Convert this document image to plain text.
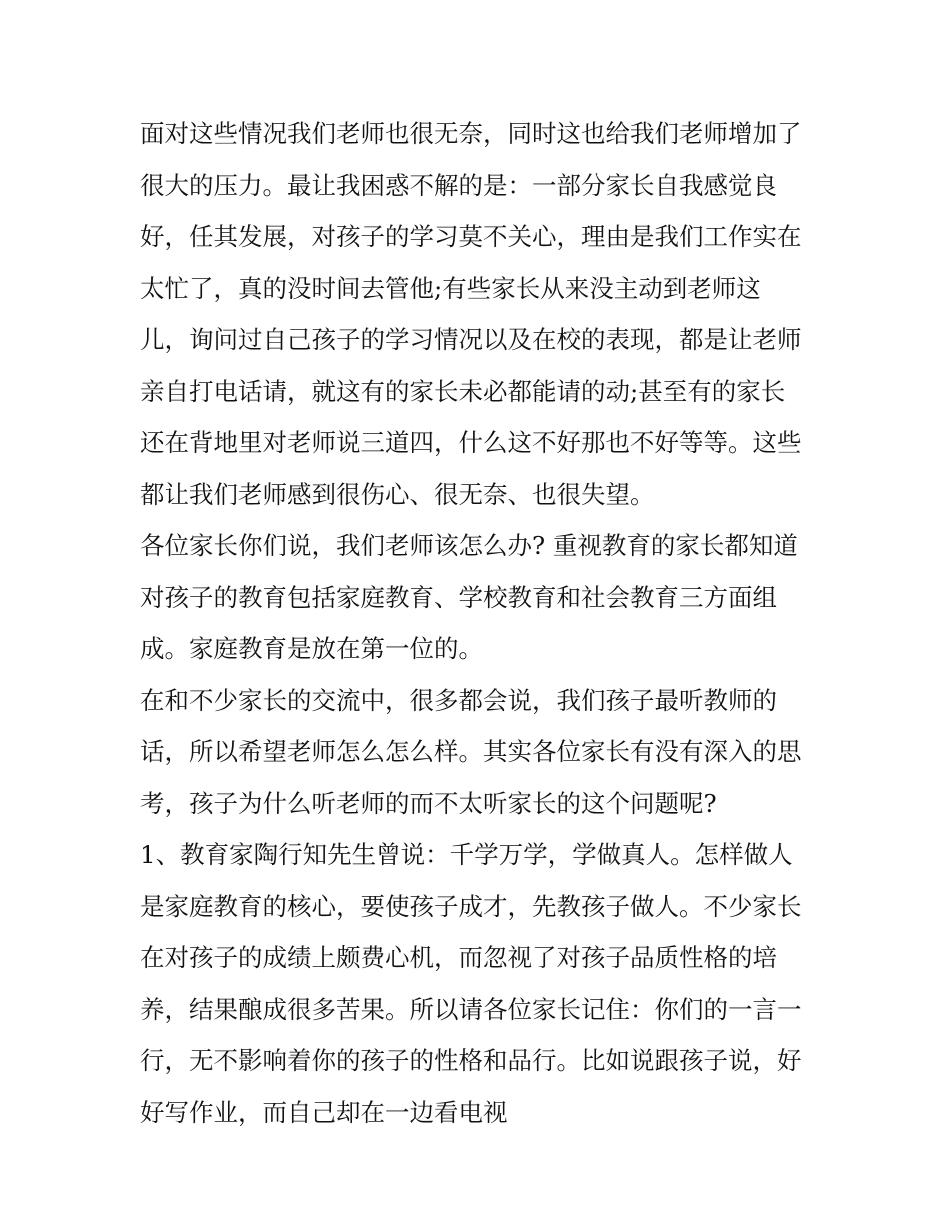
面对这些情况我们老师也很无奈，同时这也给我们老师增加了
很大的压力。最让我困惑不解的是：一部分家长自我感觉良
好，任其发展，对孩子的学习莫不关心，理由是我们工作实在
太忙了，真的没时间去管他;有些家长从来没主动到老师这
儿，询问过自己孩子的学习情况以及在校的表现，都是让老师
亲自打电话请，就这有的家长未必都能请的动;甚至有的家长
还在背地里对老师说三道四，什么这不好那也不好等等。这些
都让我们老师感到很伤心、很无奈、也很失望。
各位家长你们说，我们老师该怎么办? 重视教育的家长都知道
对孩子的教育包括家庭教育、学校教育和社会教育三方面组
成。家庭教育是放在第一位的。
在和不少家长的交流中，很多都会说，我们孩子最听教师的
话，所以希望老师怎么怎么样。其实各位家长有没有深入的思
考，孩子为什么听老师的而不太听家长的这个问题呢?
1、教育家陶行知先生曾说：千学万学，学做真人。怎样做人
是家庭教育的核心，要使孩子成才，先教孩子做人。不少家长
在对孩子的成绩上颇费心机，而忽视了对孩子品质性格的培
养，结果酿成很多苦果。所以请各位家长记住：你们的一言一
行，无不影响着你的孩子的性格和品行。比如说跟孩子说，好
好写作业，而自己却在一边看电视
